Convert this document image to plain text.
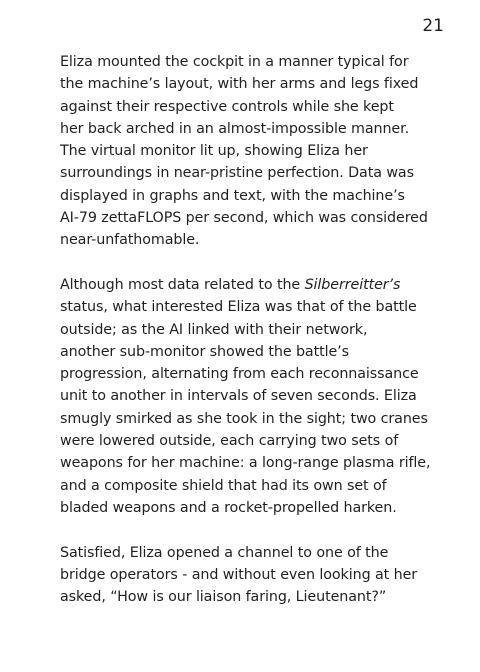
21

Eliza mounted the cockpit in a manner typical for
the machine’s layout, with her arms and legs fixed
against their respective controls while she kept
her back arched in an almost-impossible manner.
The virtual monitor lit up, showing Eliza her
surroundings in near-pristine perfection. Data was
displayed in graphs and text, with the machine’s
AI-79 zettaFLOPS per second, which was considered
near-unfathomable.

Although most data related to the Silberreitter’s
status, what interested Eliza was that of the battle
outside; as the AI linked with their network,
another sub-monitor showed the battle’s
progression, alternating from each reconnaissance
unit to another in intervals of seven seconds. Eliza
smugly smirked as she took in the sight; two cranes
were lowered outside, each carrying two sets of
weapons for her machine: a long-range plasma rifle,
and a composite shield that had its own set of
bladed weapons and a rocket-propelled harken.

Satisfied, Eliza opened a channel to one of the
bridge operators - and without even looking at her
asked, “How is our liaison faring, Lieutenant?”
